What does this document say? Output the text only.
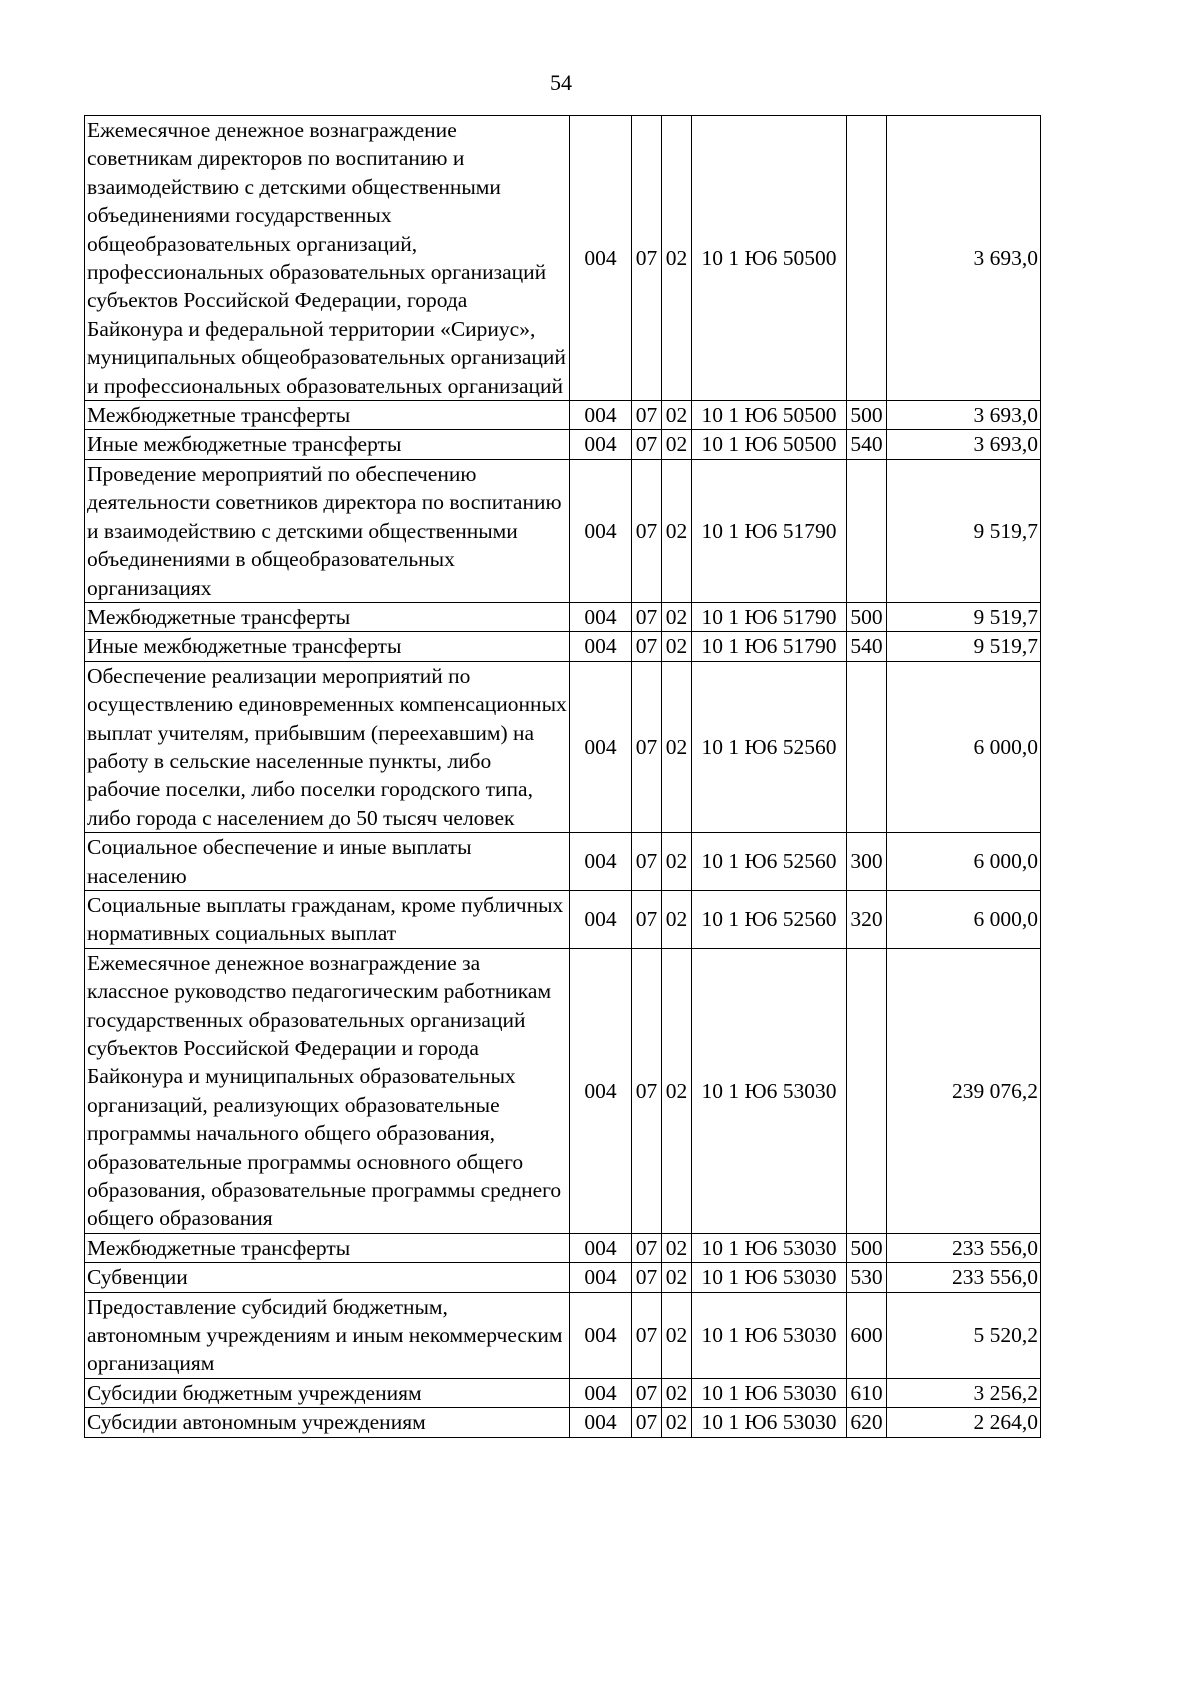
54
Ежемесячное денежное вознаграждение советникам директоров по воспитанию и взаимодействию с детскими общественными объединениями государственных общеобразовательных организаций, профессиональных образовательных организаций субъектов Российской Федерации, города Байконура и федеральной территории «Сириус», муниципальных общеобразовательных организаций и профессиональных образовательных организаций	004	07	02	10 1 Ю6 50500		3 693,0
Межбюджетные трансферты	004	07	02	10 1 Ю6 50500	500	3 693,0
Иные межбюджетные трансферты	004	07	02	10 1 Ю6 50500	540	3 693,0
Проведение мероприятий по обеспечению деятельности советников директора по воспитанию и взаимодействию с детскими общественными объединениями в общеобразовательных организациях	004	07	02	10 1 Ю6 51790		9 519,7
Межбюджетные трансферты	004	07	02	10 1 Ю6 51790	500	9 519,7
Иные межбюджетные трансферты	004	07	02	10 1 Ю6 51790	540	9 519,7
Обеспечение реализации мероприятий по осуществлению единовременных компенсационных выплат учителям, прибывшим (переехавшим) на работу в сельские населенные пункты, либо рабочие поселки, либо поселки городского типа, либо города с населением до 50 тысяч человек	004	07	02	10 1 Ю6 52560		6 000,0
Социальное обеспечение и иные выплаты населению	004	07	02	10 1 Ю6 52560	300	6 000,0
Социальные выплаты гражданам, кроме публичных нормативных социальных выплат	004	07	02	10 1 Ю6 52560	320	6 000,0
Ежемесячное денежное вознаграждение за классное руководство педагогическим работникам государственных образовательных организаций субъектов Российской Федерации и города Байконура и муниципальных образовательных организаций, реализующих образовательные программы начального общего образования, образовательные программы основного общего образования, образовательные программы среднего общего образования	004	07	02	10 1 Ю6 53030		239 076,2
Межбюджетные трансферты	004	07	02	10 1 Ю6 53030	500	233 556,0
Субвенции	004	07	02	10 1 Ю6 53030	530	233 556,0
Предоставление субсидий бюджетным, автономным учреждениям и иным некоммерческим организациям	004	07	02	10 1 Ю6 53030	600	5 520,2
Субсидии бюджетным учреждениям	004	07	02	10 1 Ю6 53030	610	3 256,2
Субсидии автономным учреждениям	004	07	02	10 1 Ю6 53030	620	2 264,0
